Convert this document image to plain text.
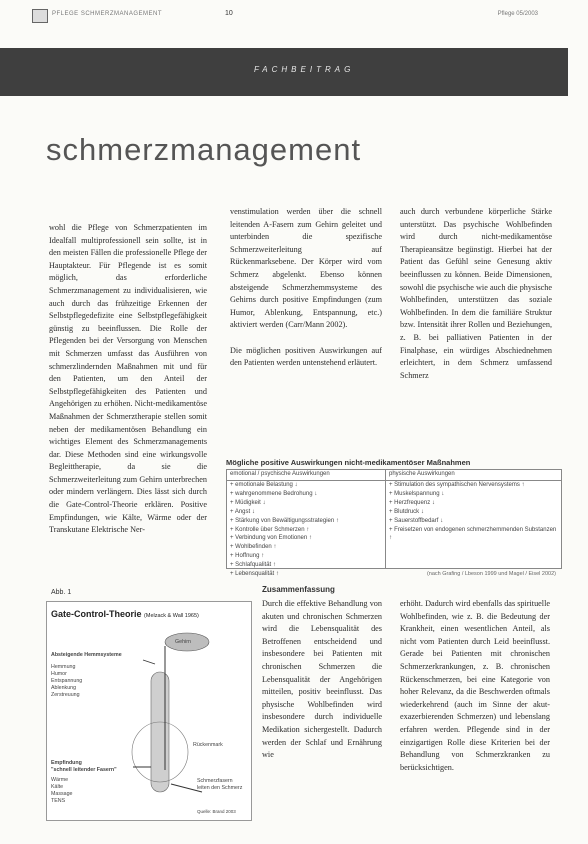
PFLEGE SCHMERZMANAGEMENT	10	Pflege 05/2003
FACHBEITRAG
schmerzmanagement
wohl die Pflege von Schmerzpatienten im Idealfall multiprofessionell sein sollte, ist in den meisten Fällen die professionelle Pflege der Hauptakteur. Für Pflegende ist es somit möglich, das erforderliche Schmerzmanagement zu individualisieren, wie auch durch das frühzeitige Erkennen der Selbstpflegedefizite eine Selbstpflegefähigkeit günstig zu beeinflussen. Die Rolle der Pflegenden bei der Versorgung von Menschen mit Schmerzen umfasst das Ausführen von schmerzlindernden Maßnahmen mit und für den Patienten, um den Anteil der Selbstpflegefähigkeiten des Patienten und Angehörigen zu erhöhen. Nicht-medikamentöse Maßnahmen der Schmerztherapie stellen somit neben der medikamentösen Behandlung ein wichtiges Element des Schmerzmanagements dar. Diese Methoden sind eine wirkungsvolle Begleittherapie, da sie die Schmerzweiterleitung zum Gehirn unterbrechen oder mindern verlängern. Dies lässt sich durch die Gate-Control-Theorie erklären. Positive Empfindungen, wie Kälte, Wärme oder der Transkutane Elektrische Ner-
venstimulation werden über die schnell leitenden A-Fasern zum Gehirn geleitet und unterbinden die spezifische Schmerzweiterleitung auf Rückenmarksebene. Der Körper wird vom Schmerz abgelenkt. Ebenso können absteigende Schmerzhemmsysteme des Gehirns durch positive Empfindungen (zum Humor, Ablenkung, Entspannung, etc.) aktiviert werden (Carr/Mann 2002).

Die möglichen positiven Auswirkungen auf den Patienten werden untenstehend erläutert.
auch durch verbundene körperliche Stärke unterstützt. Das psychische Wohlbefinden wird durch nicht-medikamentöse Therapieansätze begünstigt. Hierbei hat der Patient das Gefühl seine Genesung aktiv beeinflussen zu können. Beide Dimensionen, sowohl die psychische wie auch die physische Wohlbefinden, unterstützen das soziale Wohlbefinden. In dem die familiäre Struktur bzw. Intensität ihrer Rollen und Beziehungen, z. B. bei palliativen Patienten in der Finalphase, ein würdiges Abschiednehmen erleichtert, in dem Schmerz umfassend Schmerz
Mögliche positive Auswirkungen nicht-medikamentöser Maßnahmen
emotional / psychische Auswirkungen
+ emotionale Belastung ↓
+ wahrgenommene Bedrohung ↓
+ Müdigkeit ↓
+ Angst ↓
+ Stärkung von Bewältigungsstrategien ↑
+ Kontrolle über Schmerzen ↑
+ Verbindung von Emotionen ↑
+ Wohlbefinden ↑
+ Hoffnung ↑
+ Schlafqualität ↑
+ Lebensqualität ↑
physische Auswirkungen
+ Stimulation des sympathischen Nervensystems ↑
+ Muskelspannung ↓
+ Herzfrequenz ↓
+ Blutdruck ↓
+ Sauerstoffbedarf ↓
+ Freisetzen von endogenen schmerzhemmenden Substanzen ↑
(nach Grafing / Lbeson 1999 und Magel / Eisel 2002)
Abb. 1
Gate-Control-Theorie (Melzack & Wall 1965)
Absteigende Hemmsysteme
Hemmung
Humor
Entspannung
Ablenkung
Zerstreuung
Gehirn
Rückenmark
Empfindung
"schnell leitender Fasern"
Wärme
Kälte
Massage
TENS
Schmerzfasern
leiten den Schmerz
Quelle: Brand 2003
Zusammenfassung
Durch die effektive Behandlung von akuten und chronischen Schmerzen wird die Lebensqualität des Betroffenen entscheidend und insbesondere bei Patienten mit chronischen Schmerzen die Lebensqualität der Angehörigen mitteilen, positiv beeinflusst. Das physische Wohlbefinden wird insbesondere durch individuelle Medikation sichergestellt. Dadurch werden der Schlaf und Ernährung wie
erhöht. Dadurch wird ebenfalls das spirituelle Wohlbefinden, wie z. B. die Bedeutung der Krankheit, einen wesentlichen Anteil, als nicht vom Patienten durch Leid beeinflusst. Gerade bei Patienten mit chronischen Schmerzerkrankungen, z. B. chronischen Rückenschmerzen, bei eine Kategorie von hoher Relevanz, da die Beschwerden oftmals wiederkehrend (auch im Sinne der akut-exazerbierenden Schmerzen) und lebenslang erfahren werden. Pflegende sind in der einzigartigen Rolle diese Kriterien bei der Behandlung von Schmerzkranken zu berücksichtigen.
